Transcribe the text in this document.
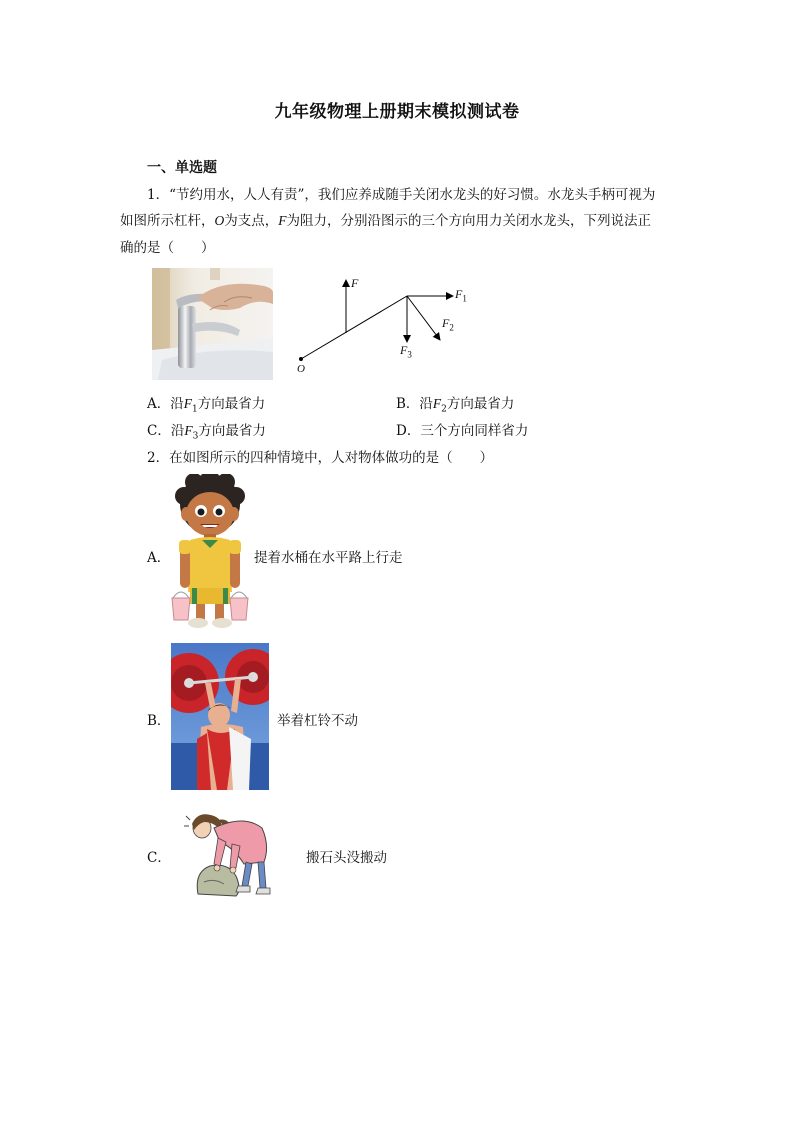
九年级物理上册期末模拟测试卷
一、单选题
1．“节约用水，人人有责”，我们应养成随手关闭水龙头的好习惯。水龙头手柄可视为
如图所示杠杆，O为支点，F为阻力，分别沿图示的三个方向用力关闭水龙头，下列说法正
确的是（　　）
F
$F_1$
$F_2$
$F_3$
O
A．沿$F_1$方向最省力	B．沿$F_2$方向最省力
C．沿$F_3$方向最省力	D．三个方向同样省力
2．在如图所示的四种情境中，人对物体做功的是（　　）
A．	提着水桶在水平路上行走
B．	举着杠铃不动
C．	搬石头没搬动
